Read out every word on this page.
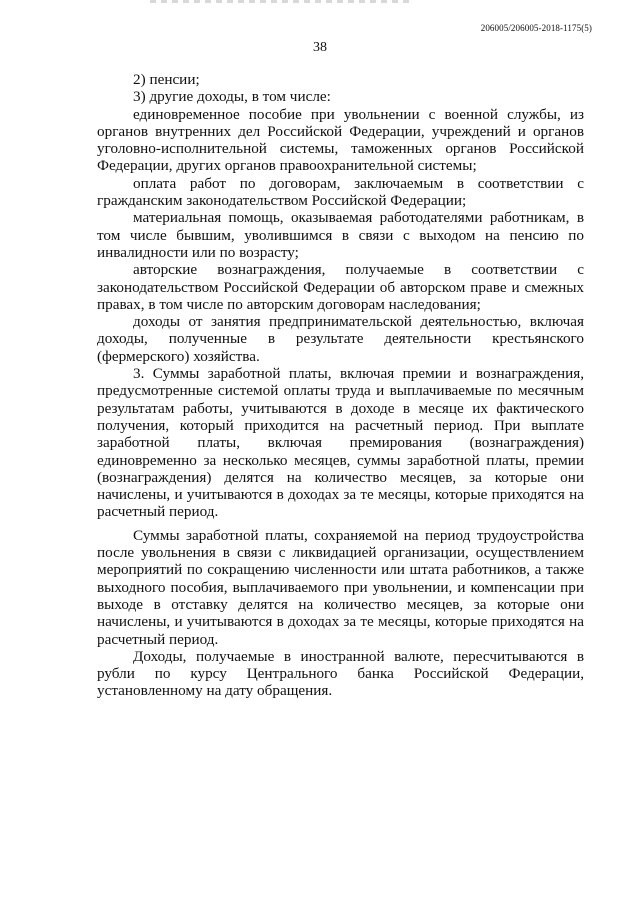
206005/206005-2018-1175(5)
38

2) пенсии;

3) другие доходы, в том числе:

единовременное пособие при увольнении с военной службы, из органов внутренних дел Российской Федерации, учреждений и органов уголовно-исполнительной системы, таможенных органов Российской Федерации, других органов правоохранительной системы;

оплата работ по договорам, заключаемым в соответствии с гражданским законодательством Российской Федерации;

материальная помощь, оказываемая работодателями работникам, в том числе бывшим, уволившимся в связи с выходом на пенсию по инвалидности или по возрасту;

авторские вознаграждения, получаемые в соответствии с законодательством Российской Федерации об авторском праве и смежных правах, в том числе по авторским договорам наследования;

доходы от занятия предпринимательской деятельностью, включая доходы, полученные в результате деятельности крестьянского (фермерского) хозяйства.

3. Суммы заработной платы, включая премии и вознаграждения, предусмотренные системой оплаты труда и выплачиваемые по месячным результатам работы, учитываются в доходе в месяце их фактического получения, который приходится на расчетный период. При выплате заработной платы, включая премирования (вознаграждения) единовременно за несколько месяцев, суммы заработной платы, премии (вознаграждения) делятся на количество месяцев, за которые они начислены, и учитываются в доходах за те месяцы, которые приходятся на расчетный период.

Суммы заработной платы, сохраняемой на период трудоустройства после увольнения в связи с ликвидацией организации, осуществлением мероприятий по сокращению численности или штата работников, а также выходного пособия, выплачиваемого при увольнении, и компенсации при выходе в отставку делятся на количество месяцев, за которые они начислены, и учитываются в доходах за те месяцы, которые приходятся на расчетный период.

Доходы, получаемые в иностранной валюте, пересчитываются в рубли по курсу Центрального банка Российской Федерации, установленному на дату обращения.
